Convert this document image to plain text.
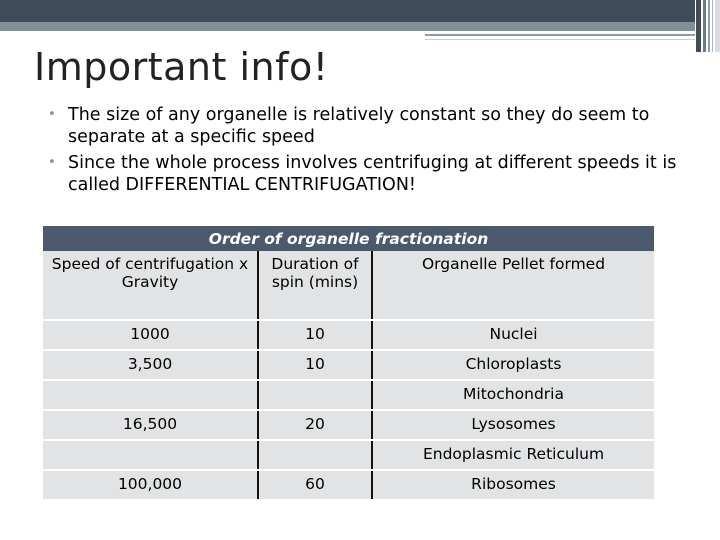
Important info!
• The size of any organelle is relatively constant so they do seem to separate at a specific speed
• Since the whole process involves centrifuging at different speeds it is called DIFFERENTIAL CENTRIFUGATION!
Order of organelle fractionation		
Speed of centrifugation x Gravity	Duration of spin (mins)	Organelle Pellet formed
1000	10	Nuclei
3,500	10	Chloroplasts
		Mitochondria
16,500	20	Lysosomes
		Endoplasmic Reticulum
100,000	60	Ribosomes
